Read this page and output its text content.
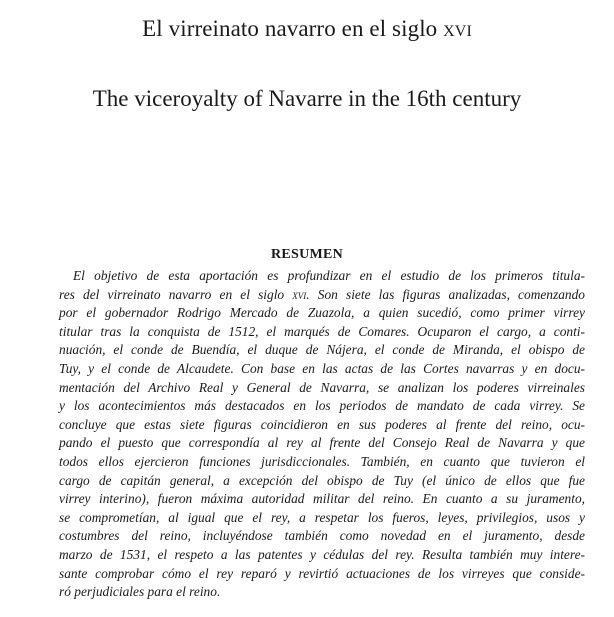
El virreinato navarro en el siglo xvi
The viceroyalty of Navarre in the 16th century
RESUMEN
El objetivo de esta aportación es profundizar en el estudio de los primeros titula-
res del virreinato navarro en el siglo xvi. Son siete las figuras analizadas, comenzando
por el gobernador Rodrigo Mercado de Zuazola, a quien sucedió, como primer virrey
titular tras la conquista de 1512, el marqués de Comares. Ocuparon el cargo, a conti-
nuación, el conde de Buendía, el duque de Nájera, el conde de Miranda, el obispo de
Tuy, y el conde de Alcaudete. Con base en las actas de las Cortes navarras y en docu-
mentación del Archivo Real y General de Navarra, se analizan los poderes virreinales
y los acontecimientos más destacados en los periodos de mandato de cada virrey. Se
concluye que estas siete figuras coincidieron en sus poderes al frente del reino, ocu-
pando el puesto que correspondía al rey al frente del Consejo Real de Navarra y que
todos ellos ejercieron funciones jurisdiccionales. También, en cuanto que tuvieron el
cargo de capitán general, a excepción del obispo de Tuy (el único de ellos que fue
virrey interino), fueron máxima autoridad militar del reino. En cuanto a su juramento,
se comprometían, al igual que el rey, a respetar los fueros, leyes, privilegios, usos y
costumbres del reino, incluyéndose también como novedad en el juramento, desde
marzo de 1531, el respeto a las patentes y cédulas del rey. Resulta también muy intere-
sante comprobar cómo el rey reparó y revirtió actuaciones de los virreyes que conside-
ró perjudiciales para el reino.
